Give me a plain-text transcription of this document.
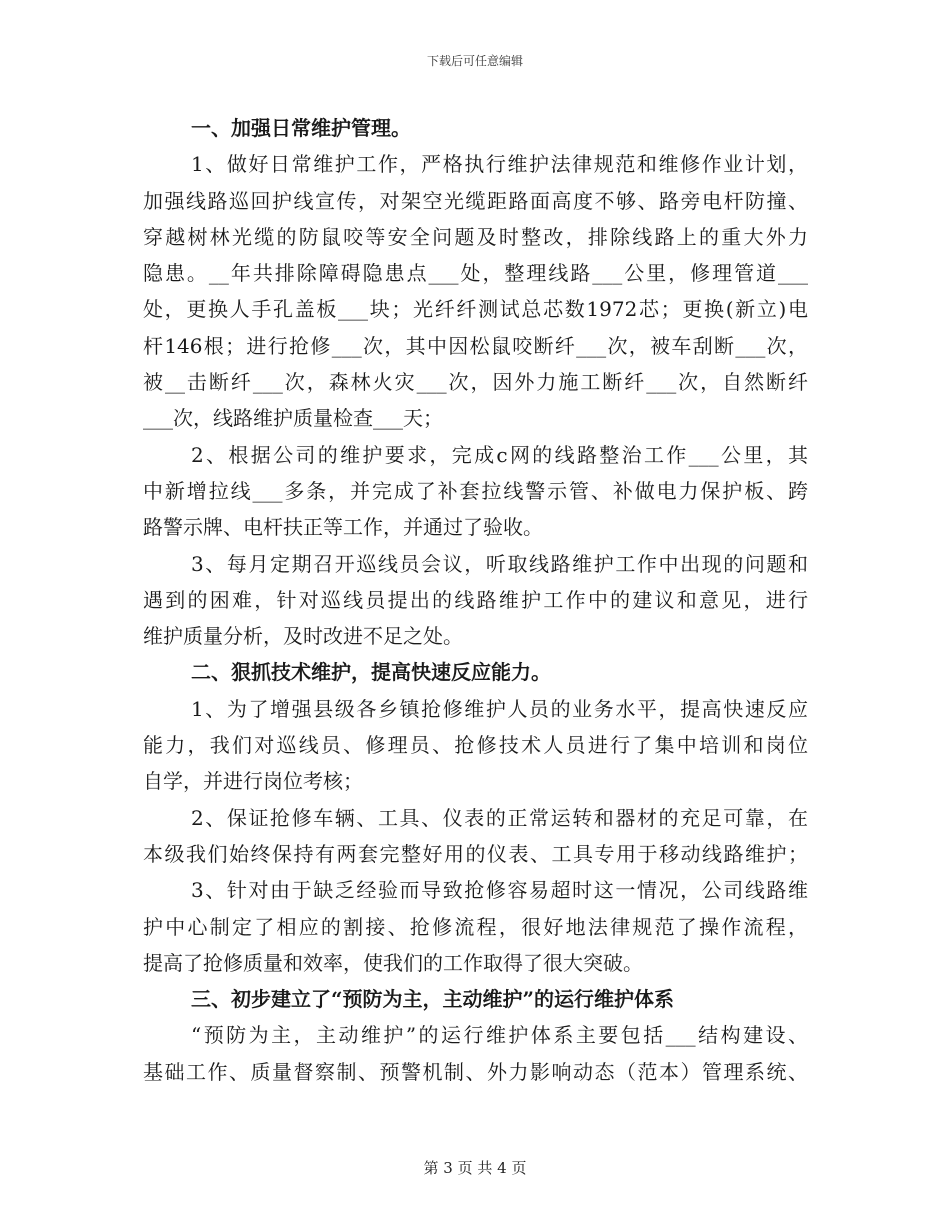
下载后可任意编辑
一、加强日常维护管理。
1、做好日常维护工作，严格执行维护法律规范和维修作业计划，
加强线路巡回护线宣传，对架空光缆距路面高度不够、路旁电杆防撞、
穿越树林光缆的防鼠咬等安全问题及时整改，排除线路上的重大外力
隐患。__年共排除障碍隐患点___处，整理线路___公里，修理管道___
处，更换人手孔盖板___块；光纤纤测试总芯数1972芯；更换(新立)电
杆146根；进行抢修___次，其中因松鼠咬断纤___次，被车刮断___次，
被__击断纤___次，森林火灾___次，因外力施工断纤___次，自然断纤
___次，线路维护质量检查___天；
2、根据公司的维护要求，完成c网的线路整治工作___公里，其
中新增拉线___多条，并完成了补套拉线警示管、补做电力保护板、跨
路警示牌、电杆扶正等工作，并通过了验收。
3、每月定期召开巡线员会议，听取线路维护工作中出现的问题和
遇到的困难，针对巡线员提出的线路维护工作中的建议和意见，进行
维护质量分析，及时改进不足之处。
二、狠抓技术维护，提高快速反应能力。
1、为了增强县级各乡镇抢修维护人员的业务水平，提高快速反应
能力，我们对巡线员、修理员、抢修技术人员进行了集中培训和岗位
自学，并进行岗位考核；
2、保证抢修车辆、工具、仪表的正常运转和器材的充足可靠，在
本级我们始终保持有两套完整好用的仪表、工具专用于移动线路维护；
3、针对由于缺乏经验而导致抢修容易超时这一情况，公司线路维
护中心制定了相应的割接、抢修流程，很好地法律规范了操作流程，
提高了抢修质量和效率，使我们的工作取得了很大突破。
三、初步建立了“预防为主，主动维护”的运行维护体系
“预防为主，主动维护”的运行维护体系主要包括___结构建设、
基础工作、质量督察制、预警机制、外力影响动态（范本）管理系统、
第 3 页 共 4 页
